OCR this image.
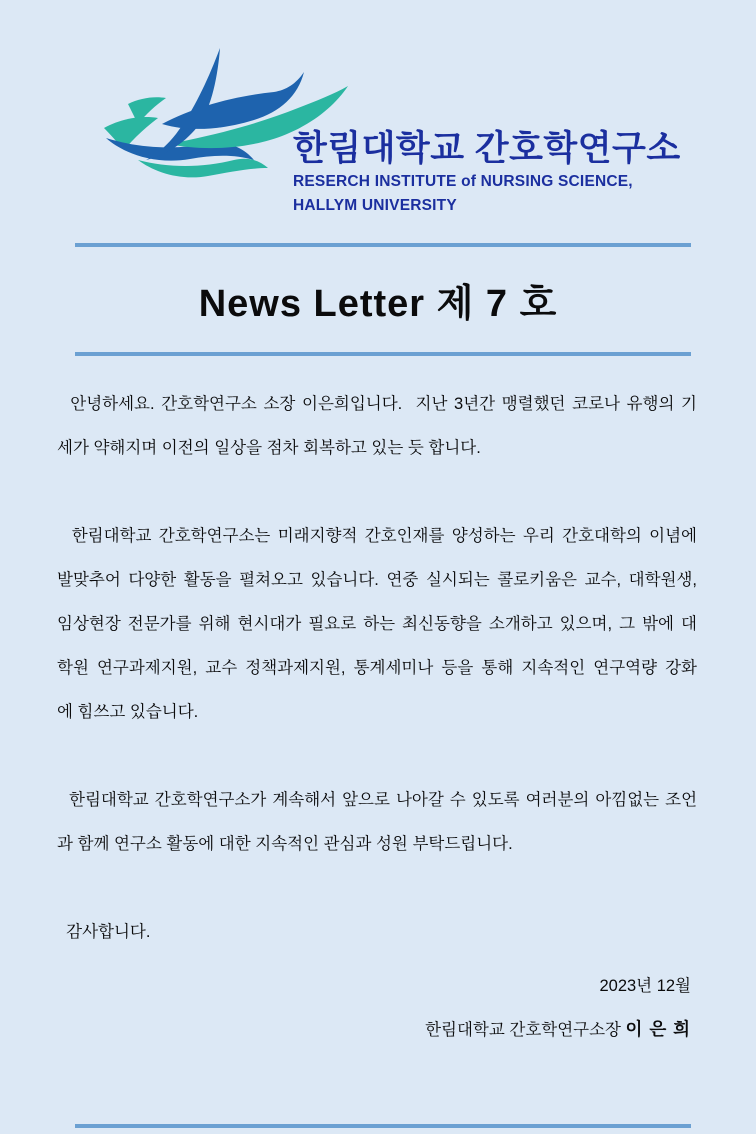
한림대학교 간호학연구소
RESERCH INSTITUTE of NURSING SCIENCE,
HALLYM UNIVERSITY
News Letter 제 7 호
안녕하세요. 간호학연구소 소장 이은희입니다.  지난 3년간 맹렬했던 코로나 유행의 기
세가 약해지며 이전의 일상을 점차 회복하고 있는 듯 합니다.
한림대학교 간호학연구소는 미래지향적 간호인재를 양성하는 우리 간호대학의 이념에
발맞추어 다양한 활동을 펼쳐오고 있습니다. 연중 실시되는 콜로키움은 교수, 대학원생,
임상현장 전문가를 위해 현시대가 필요로 하는 최신동향을 소개하고 있으며, 그 밖에 대
학원 연구과제지원, 교수 정책과제지원, 통계세미나 등을 통해 지속적인 연구역량 강화
에 힘쓰고 있습니다.
한림대학교 간호학연구소가 계속해서 앞으로 나아갈 수 있도록 여러분의 아낌없는 조언
과 함께 연구소 활동에 대한 지속적인 관심과 성원 부탁드립니다.
감사합니다.
2023년 12월
한림대학교 간호학연구소장 이 은 희
